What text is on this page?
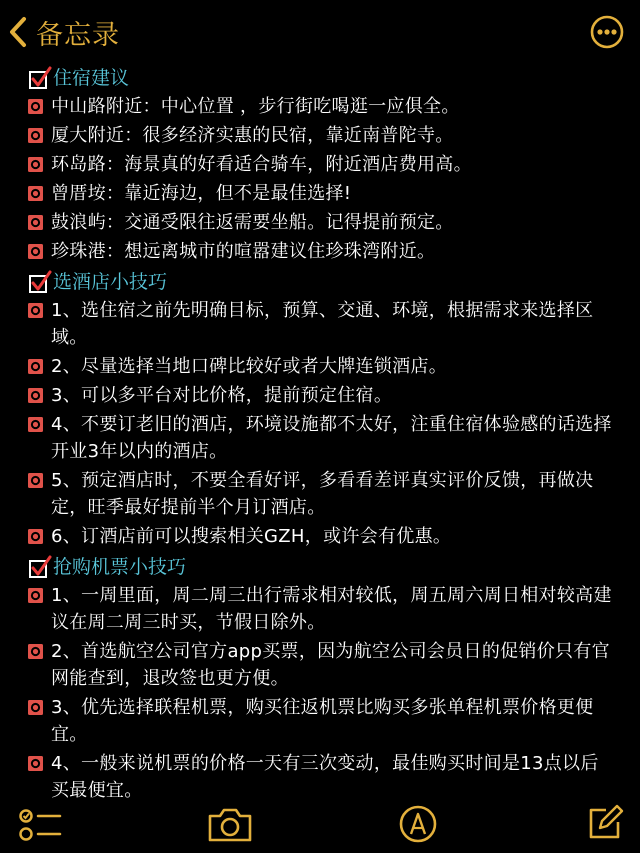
备忘录
住宿建议
中山路附近：中心位置 ，步行街吃喝逛一应俱全。
厦大附近：很多经济实惠的民宿，靠近南普陀寺。
环岛路：海景真的好看适合骑车，附近酒店费用高。
曾厝垵：靠近海边，但不是最佳选择!
鼓浪屿：交通受限往返需要坐船。记得提前预定。
珍珠港：想远离城市的喧嚣建议住珍珠湾附近。
选酒店小技巧
1、选住宿之前先明确目标，预算、交通、环境，根据需求来选择区域。
2、尽量选择当地口碑比较好或者大牌连锁酒店。
3、可以多平台对比价格，提前预定住宿。
4、不要订老旧的酒店，环境设施都不太好，注重住宿体验感的话选择开业3年以内的酒店。
5、预定酒店时，不要全看好评，多看看差评真实评价反馈，再做决定，旺季最好提前半个月订酒店。
6、订酒店前可以搜索相关GZH，或许会有优惠。
抢购机票小技巧
1、一周里面，周二周三出行需求相对较低，周五周六周日相对较高建议在周二周三时买，节假日除外。
2、首选航空公司官方app买票，因为航空公司会员日的促销价只有官网能查到，退改签也更方便。
3、优先选择联程机票，购买往返机票比购买多张单程机票价格更便宜。
4、一般来说机票的价格一天有三次变动，最佳购买时间是13点以后买最便宜。
